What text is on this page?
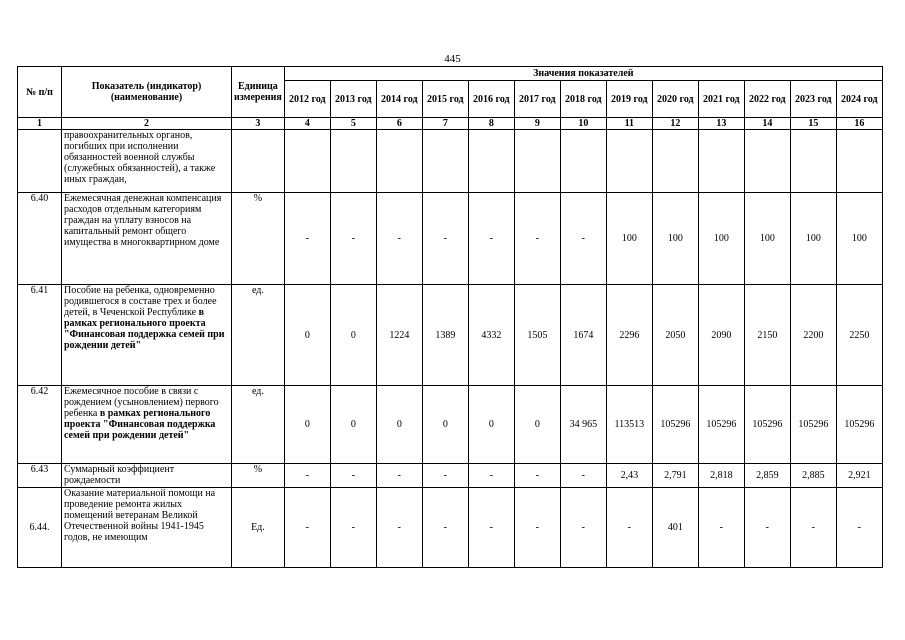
445
№ п/п	Показатель (индикатор) (наименование)	Единица измерения	Значения показателей												
			2012 год	2013 год	2014 год	2015 год	2016 год	2017 год	2018 год	2019 год	2020 год	2021 год	2022 год	2023 год	2024 год
1	2	3	4	5	6	7	8	9	10	11	12	13	14	15	16
	правоохранительных органов, погибших при исполнении обязанностей военной службы (служебных обязанностей), а также иных граждан,														
6.40	Ежемесячная денежная компенсация расходов отдельным категориям граждан на уплату взносов на капитальный ремонт общего имущества в многоквартирном доме	%	-	-	-	-	-	-	-	100	100	100	100	100	100
6.41	Пособие на ребенка, одновременно родившегося в составе трех и более детей, в Чеченской Республике в рамках регионального проекта "Финансовая поддержка семей при рождении детей"	ед.	0	0	1224	1389	4332	1505	1674	2296	2050	2090	2150	2200	2250
6.42	Ежемесячное пособие в связи с рождением (усыновлением) первого ребенка в рамках регионального проекта "Финансовая поддержка семей при рождении детей"	ед.	0	0	0	0	0	0	34 965	113513	105296	105296	105296	105296	105296
6.43	Суммарный коэффициент рождаемости	%	-	-	-	-	-	-	-	2,43	2,791	2,818	2,859	2,885	2,921
6.44.	Оказание материальной помощи на проведение ремонта жилых помещений ветеранам Великой Отечественной войны 1941-1945 годов, не имеющим	Ед.	-	-	-	-	-	-	-	-	401	-	-	-	-
